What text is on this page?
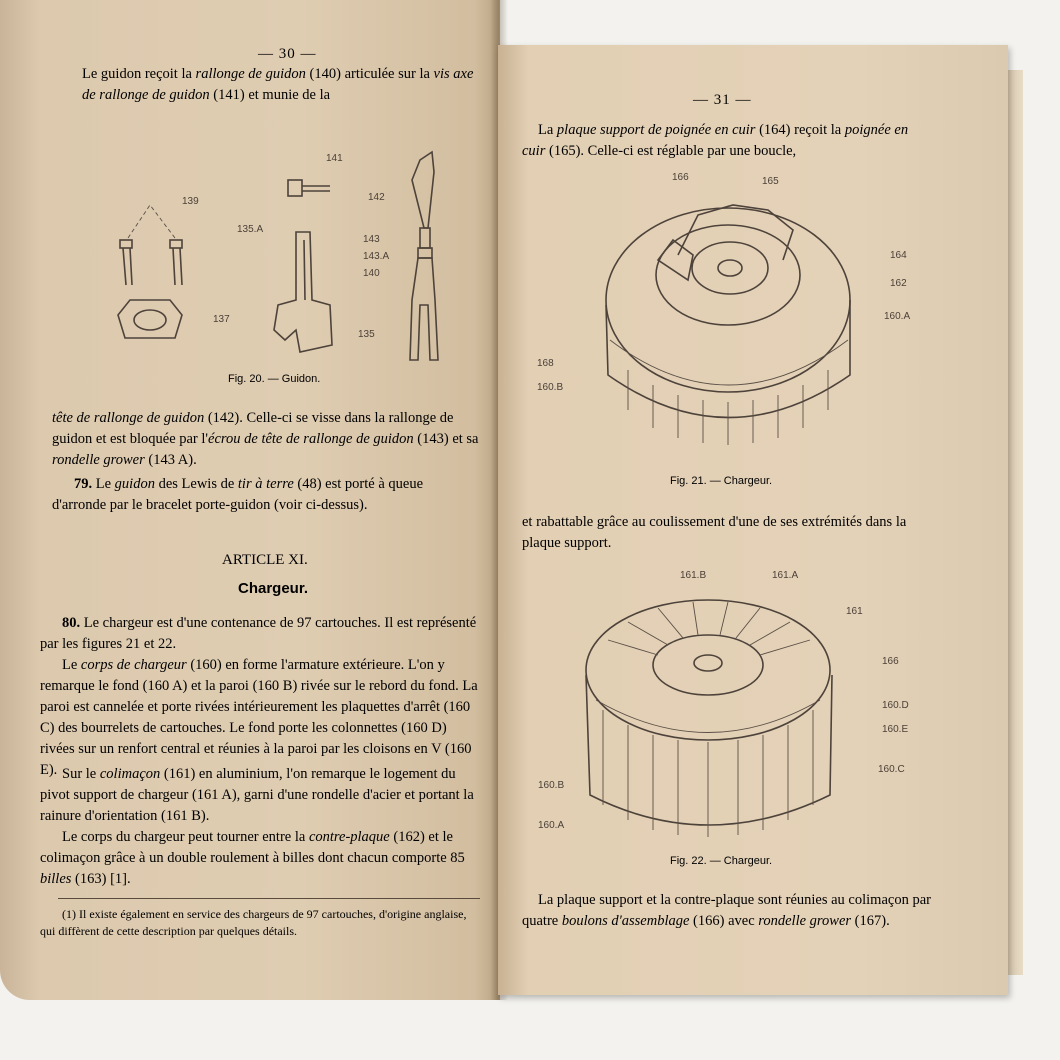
— 30 —

Le guidon reçoit la rallonge de guidon (140) articulée sur la vis axe de rallonge de guidon (141) et munie de la

139
141
142
135.A
143
143.A
140
137
135
Fig. 20. — Guidon.

tête de rallonge de guidon (142). Celle-ci se visse dans la rallonge de guidon et est bloquée par l'écrou de tête de rallonge de guidon (143) et sa rondelle grower (143 A).

79. Le guidon des Lewis de tir à terre (48) est porté à queue d'arronde par le bracelet porte-guidon (voir ci-dessus).

ARTICLE XI.
Chargeur.

80. Le chargeur est d'une contenance de 97 cartouches. Il est représenté par les figures 21 et 22.

Le corps de chargeur (160) en forme l'armature extérieure. L'on y remarque le fond (160 A) et la paroi (160 B) rivée sur le rebord du fond. La paroi est cannelée et porte rivées intérieurement les plaquettes d'arrêt (160 C) des bourrelets de cartouches. Le fond porte les colonnettes (160 D) rivées sur un renfort central et réunies à la paroi par les cloisons en V (160 E). Sur le colimaçon (161) en aluminium, l'on remarque le logement du pivot support de chargeur (161 A), garni d'une rondelle d'acier et portant la rainure d'orientation (161 B).

Le corps du chargeur peut tourner entre la contre-plaque (162) et le colimaçon grâce à un double roulement à billes dont chacun comporte 85 billes (163) [1].

(1) Il existe également en service des chargeurs de 97 cartouches, d'origine anglaise, qui diffèrent de cette description par quelques détails.

— 31 —

La plaque support de poignée en cuir (164) reçoit la poignée en cuir (165). Celle-ci est réglable par une boucle,

166	165
164
162
160.A
168
160.B
Fig. 21. — Chargeur.

et rabattable grâce au coulissement d'une de ses extrémités dans la plaque support.

161.B	161.A
161
166
160.D
160.E
160.C
160.B
160.A
Fig. 22. — Chargeur.

La plaque support et la contre-plaque sont réunies au colimaçon par quatre boulons d'assemblage (166) avec rondelle grower (167).
